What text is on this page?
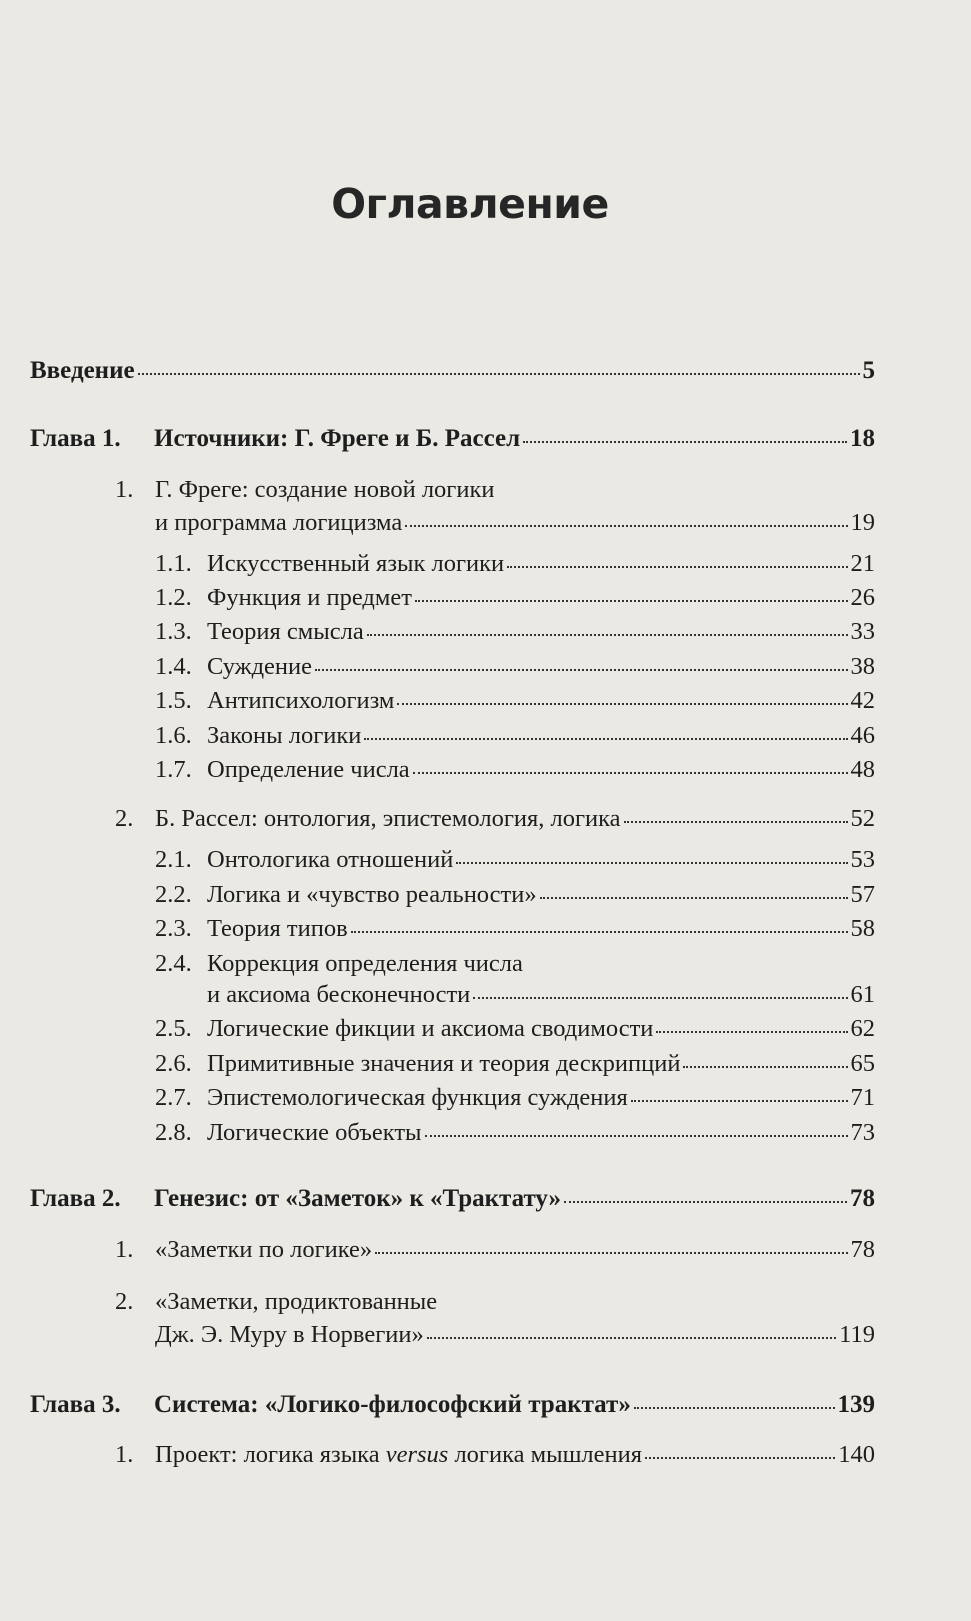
Оглавление
Введение	5
Глава 1.	Источники: Г. Фреге и Б. Рассел	18
1. Г. Фреге: создание новой логики
и программа логицизма	19
1.1. Искусственный язык логики	21
1.2. Функция и предмет	26
1.3. Теория смысла	33
1.4. Суждение	38
1.5. Антипсихологизм	42
1.6. Законы логики	46
1.7. Определение числа	48
2. Б. Рассел: онтология, эпистемология, логика	52
2.1. Онтологика отношений	53
2.2. Логика и «чувство реальности»	57
2.3. Теория типов	58
2.4. Коррекция определения числа
и аксиома бесконечности	61
2.5. Логические фикции и аксиома сводимости	62
2.6. Примитивные значения и теория дескрипций	65
2.7. Эпистемологическая функция суждения	71
2.8. Логические объекты	73
Глава 2.	Генезис: от «Заметок» к «Трактату»	78
1. «Заметки по логике»	78
2. «Заметки, продиктованные
Дж. Э. Муру в Норвегии»	119
Глава 3.	Система: «Логико-философский трактат»	139
1. Проект: логика языка versus логика мышления	140
